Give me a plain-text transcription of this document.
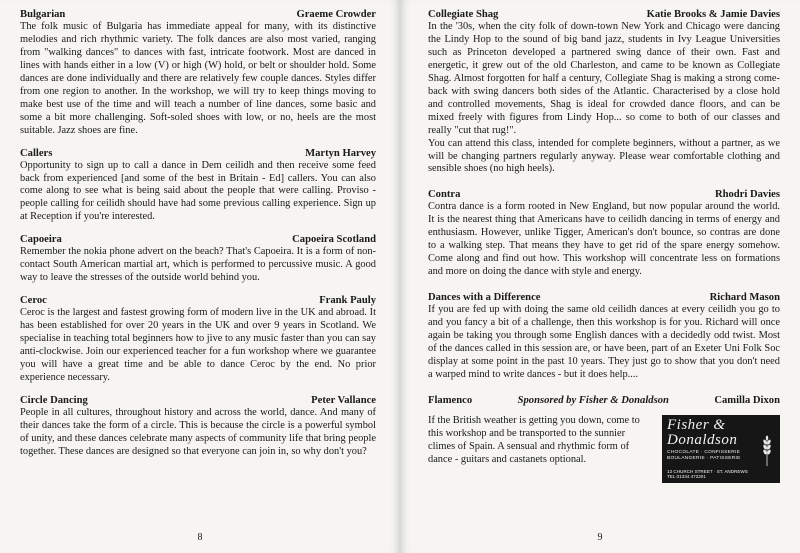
Bulgarian	Graeme Crowder

The folk music of Bulgaria has immediate appeal for many, with its distinctive melodies and rich rhythmic variety. The folk dances are also most varied, ranging from "walking dances" to dances with fast, intricate footwork. Most are danced in lines with hands either in a low (V) or high (W) hold, or belt or shoulder hold. Some dances are done individually and there are relatively few couple dances. Styles differ from one region to another. In the workshop, we will try to keep things moving to make best use of the time and will teach a number of line dances, some basic and some a bit more challenging. Soft-soled shoes with low, or no, heels are the most suitable. Jazz shoes are fine.

Callers	Martyn Harvey

Opportunity to sign up to call a dance in Dem ceilidh and then receive some feed back from experienced [and some of the best in Britain - Ed] callers. You can also come along to see what is being said about the people that were calling. Proviso - people calling for ceilidh should have had some previous calling experience. Sign up at Reception if you're interested.

Capoeira	Capoeira Scotland

Remember the nokia phone advert on the beach? That's Capoeira. It is a form of non-contact South American martial art, which is performed to percussive music. A good way to leave the stresses of the outside world behind you.

Ceroc	Frank Pauly

Ceroc is the largest and fastest growing form of modern live in the UK and abroad. It has been established for over 20 years in the UK and over 9 years in Scotland. We specialise in teaching total beginners how to jive to any music faster than you can say anti-clockwise. Join our experienced teacher for a fun workshop where we guarantee you will have a great time and be able to dance Ceroc by the end. No prior experience necessary.

Circle Dancing	Peter Vallance

People in all cultures, throughout history and across the world, dance. And many of their dances take the form of a circle. This is because the circle is a powerful symbol of unity, and these dances celebrate many aspects of community life that bring people together. These dances are designed so that everyone can join in, so why don't you?

8
Collegiate Shag	Katie Brooks & Jamie Davies

In the '30s, when the city folk of down-town New York and Chicago were dancing the Lindy Hop to the sound of big band jazz, students in Ivy League Universities such as Princeton developed a partnered swing dance of their own. Fast and energetic, it grew out of the old Charleston, and came to be known as Collegiate Shag. Almost forgotten for half a century, Collegiate Shag is making a strong come-back with swing dancers both sides of the Atlantic. Characterised by a close hold and controlled movements, Shag is ideal for crowded dance floors, and can be mixed freely with figures from Lindy Hop... so come to both of our classes and really "cut that rug!".

You can attend this class, intended for complete beginners, without a partner, as we will be changing partners regularly anyway. Please wear comfortable clothing and sensible shoes (no high heels).

Contra	Rhodri Davies

Contra dance is a form rooted in New England, but now popular around the world. It is the nearest thing that Americans have to ceilidh dancing in terms of energy and enthusiasm. However, unlike Tigger, American's don't bounce, so contras are done to a walking step. That means they have to get rid of the spare energy somehow. Come along and find out how. This workshop will concentrate less on formations and more on doing the dance with style and energy.

Dances with a Difference	Richard Mason

If you are fed up with doing the same old ceilidh dances at every ceilidh you go to and you fancy a bit of a challenge, then this workshop is for you. Richard will once again be taking you through some English dances with a decidedly odd twist. Most of the dances called in this session are, or have been, part of an Exeter Uni Folk Soc display at some point in the past 10 years. They just go to show that you don't need a warped mind to write dances - but it does help....

Flamenco	Sponsored by Fisher & Donaldson	Camilla Dixon

If the British weather is getting you down, come to this workshop and be transported to the sunnier climes of Spain. A sensual and rhythmic form of dance - guitars and castanets optional.

Fisher &
Donaldson
CHOCOLATE · CONFISSERIE
BOULANGERIE · PATISSERIE
13 CHURCH STREET · ST. ANDREWS
TEL 01334 472201
9
